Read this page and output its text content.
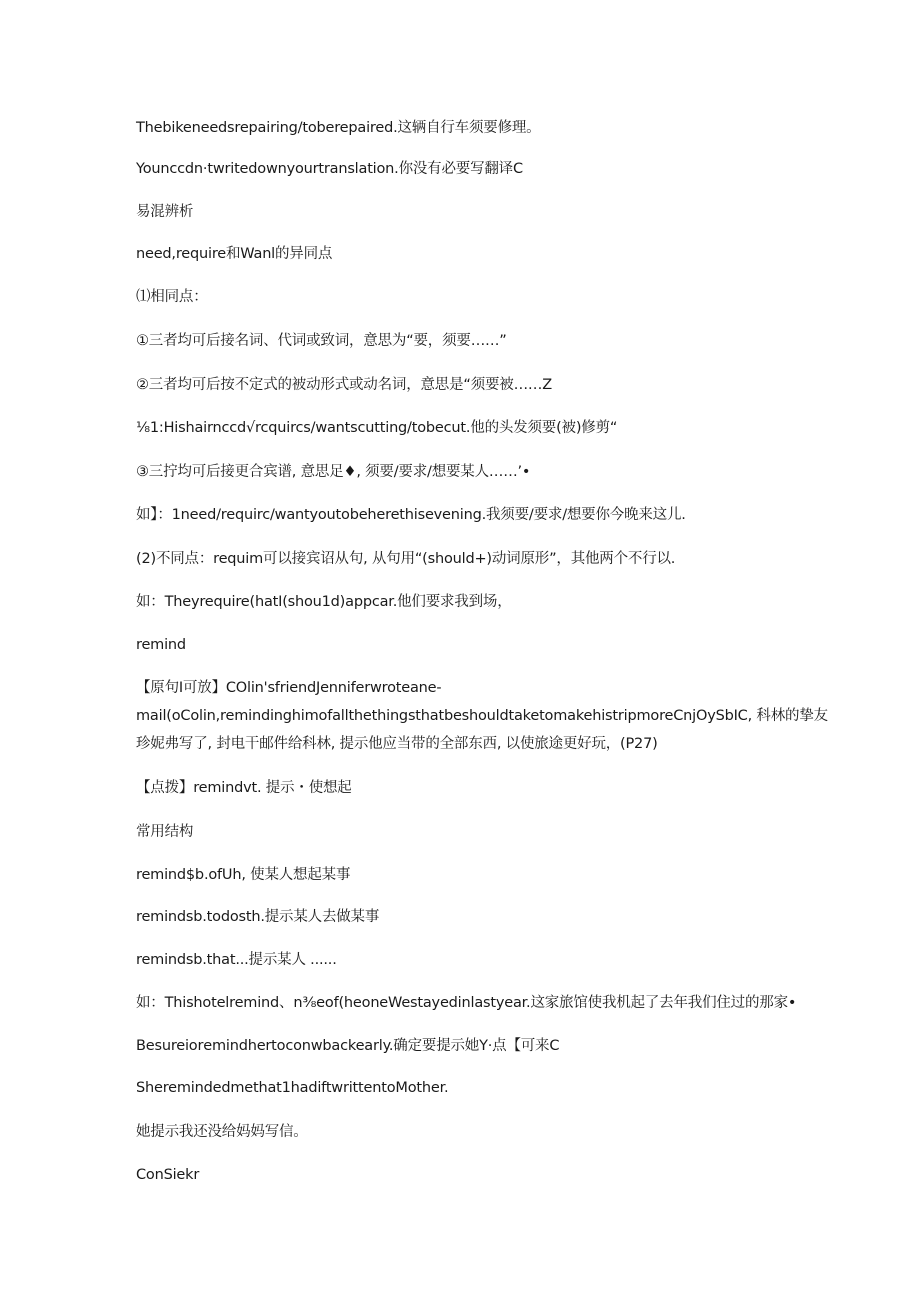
Thebikeneedsrepairing/toberepaired.这辆自行车须要修理。
Younccdn·twritedownyourtranslation.你没有必要写翻译C
易混辨析
need,require和Wanl的异同点
⑴相同点：
①三者均可后接名词、代词或致词，意思为“要，须要……”
②三者均可后按不定式的被动形式或动名词，意思是“须要被……Z
⅛1:Hishairnccd√rcquircs/wantscutting∕tobecut.他的头发须要(被)修剪“
③三拧均可后接更合宾谱, 意思足♦, 须要/要求/想要某人……’•
如】：1need/requirc/wantyoutobeherethisevening.我须要/要求/想要你今晚来这儿.
(2)不同点：requim可以接宾诏从句, 从句用“(should+)动词原形”，其他两个不行以.
如：Theyrequire(hatI(shou1d)appcar.他们要求我到场，
remind
【原句I可放】COlin'sfriendJenniferwroteane-
mail(oColin,remindinghimofallthethingsthatbeshouldtaketomakehistripmoreCnjOySbIC, 科林的挚友
珍妮弗写了, 封电干邮件给科林, 提示他应当带的全部东西, 以使旅途更好玩，(P27)
【点拨】remindvt. 提示・使想起
常用结构
remind$b.ofUh, 使某人想起某事
remindsb.todosth.提示某人去做某事
remindsb.that...提示某人 ......
如：Thishotelremind、n⅜eof(heoneWestayedinlastyear.这家旅馆使我机起了去年我们住过的那家•
Besureiorеmindhertoconwbackearly.确定要提示她Y·点【可来C
Sheremindedmethat1hadiftwrittentoMother.
她提示我还没给妈妈写信。
ConSiekr
